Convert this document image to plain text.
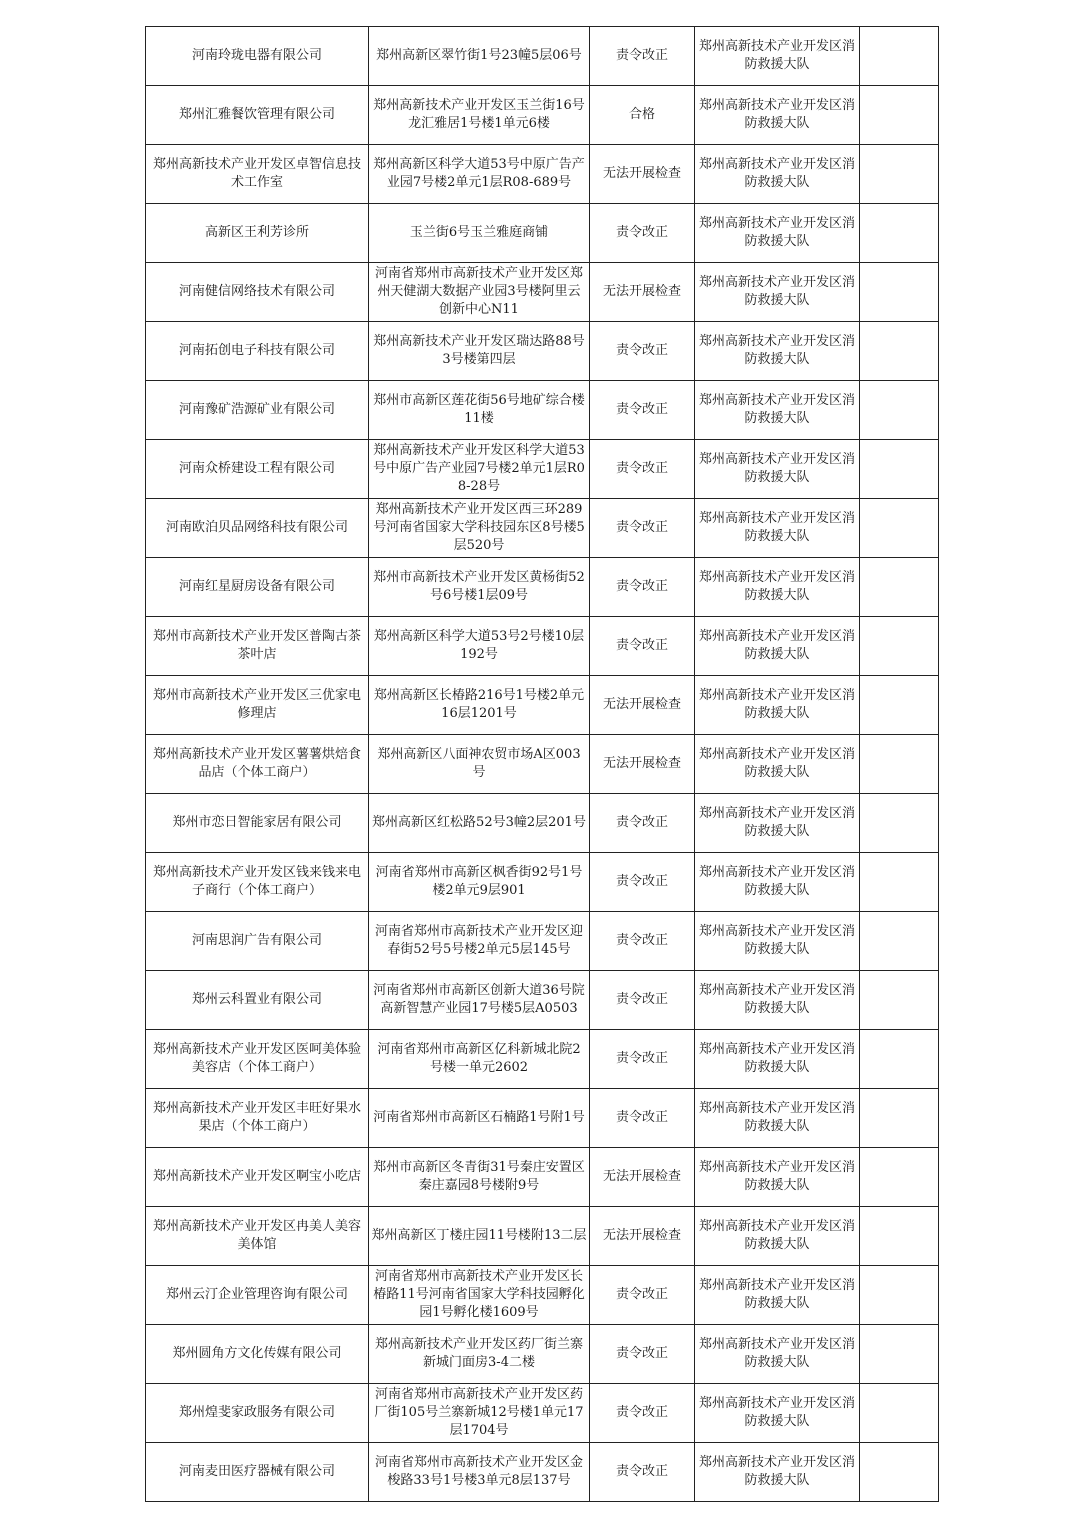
河南玲珑电器有限公司	郑州高新区翠竹街1号23幢5层06号	责令改正	郑州高新技术产业开发区消防救援大队	
郑州汇雅餐饮管理有限公司	郑州高新技术产业开发区玉兰街16号龙汇雅居1号楼1单元6楼	合格	郑州高新技术产业开发区消防救援大队	
郑州高新技术产业开发区卓智信息技术工作室	郑州高新区科学大道53号中原广告产业园7号楼2单元1层R08-689号	无法开展检查	郑州高新技术产业开发区消防救援大队	
高新区王利芳诊所	玉兰街6号玉兰雅庭商铺	责令改正	郑州高新技术产业开发区消防救援大队	
河南健信网络技术有限公司	河南省郑州市高新技术产业开发区郑州天健湖大数据产业园3号楼阿里云创新中心N11	无法开展检查	郑州高新技术产业开发区消防救援大队	
河南拓创电子科技有限公司	郑州高新技术产业开发区瑞达路88号3号楼第四层	责令改正	郑州高新技术产业开发区消防救援大队	
河南豫矿浩源矿业有限公司	郑州市高新区莲花街56号地矿综合楼11楼	责令改正	郑州高新技术产业开发区消防救援大队	
河南众桥建设工程有限公司	郑州高新技术产业开发区科学大道53号中原广告产业园7号楼2单元1层R08-28号	责令改正	郑州高新技术产业开发区消防救援大队	
河南欧泊贝品网络科技有限公司	郑州高新技术产业开发区西三环289号河南省国家大学科技园东区8号楼5层520号	责令改正	郑州高新技术产业开发区消防救援大队	
河南红星厨房设备有限公司	郑州市高新技术产业开发区黄杨街52号6号楼1层09号	责令改正	郑州高新技术产业开发区消防救援大队	
郑州市高新技术产业开发区普陶古茶茶叶店	郑州高新区科学大道53号2号楼10层192号	责令改正	郑州高新技术产业开发区消防救援大队	
郑州市高新技术产业开发区三优家电修理店	郑州高新区长椿路216号1号楼2单元16层1201号	无法开展检查	郑州高新技术产业开发区消防救援大队	
郑州高新技术产业开发区薯薯烘焙食品店（个体工商户）	郑州高新区八面神农贸市场A区003号	无法开展检查	郑州高新技术产业开发区消防救援大队	
郑州市恋日智能家居有限公司	郑州高新区红松路52号3幢2层201号	责令改正	郑州高新技术产业开发区消防救援大队	
郑州高新技术产业开发区钱来钱来电子商行（个体工商户）	河南省郑州市高新区枫香街92号1号楼2单元9层901	责令改正	郑州高新技术产业开发区消防救援大队	
河南思润广告有限公司	河南省郑州市高新技术产业开发区迎春街52号5号楼2单元5层145号	责令改正	郑州高新技术产业开发区消防救援大队	
郑州云科置业有限公司	河南省郑州市高新区创新大道36号院高新智慧产业园17号楼5层A0503	责令改正	郑州高新技术产业开发区消防救援大队	
郑州高新技术产业开发区医呵美体验美容店（个体工商户）	河南省郑州市高新区亿科新城北院2号楼一单元2602	责令改正	郑州高新技术产业开发区消防救援大队	
郑州高新技术产业开发区丰旺好果水果店（个体工商户）	河南省郑州市高新区石楠路1号附1号	责令改正	郑州高新技术产业开发区消防救援大队	
郑州高新技术产业开发区啊宝小吃店	郑州市高新区冬青街31号秦庄安置区秦庄嘉园8号楼附9号	无法开展检查	郑州高新技术产业开发区消防救援大队	
郑州高新技术产业开发区冉美人美容美体馆	郑州高新区丁楼庄园11号楼附13二层	无法开展检查	郑州高新技术产业开发区消防救援大队	
郑州云汀企业管理咨询有限公司	河南省郑州市高新技术产业开发区长椿路11号河南省国家大学科技园孵化园1号孵化楼1609号	责令改正	郑州高新技术产业开发区消防救援大队	
郑州圆角方文化传媒有限公司	郑州高新技术产业开发区药厂街兰寨新城门面房3-4二楼	责令改正	郑州高新技术产业开发区消防救援大队	
郑州煌斐家政服务有限公司	河南省郑州市高新技术产业开发区药厂街105号兰寨新城12号楼1单元17层1704号	责令改正	郑州高新技术产业开发区消防救援大队	
河南麦田医疗器械有限公司	河南省郑州市高新技术产业开发区金梭路33号1号楼3单元8层137号	责令改正	郑州高新技术产业开发区消防救援大队	
